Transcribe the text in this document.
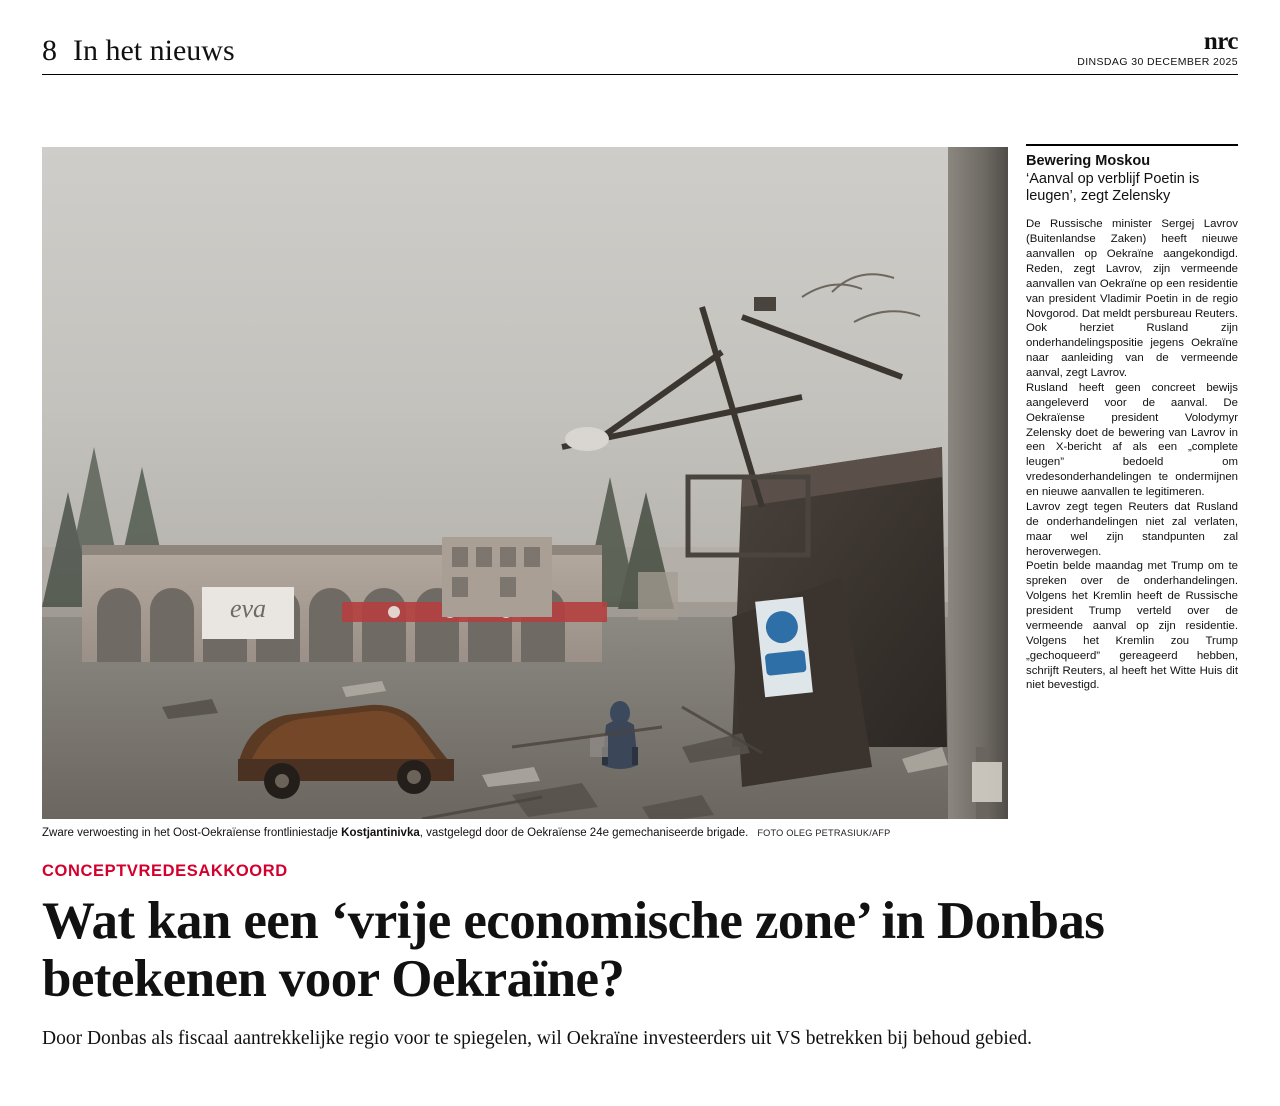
8 In het nieuws	nrc
DINSDAG 30 DECEMBER 2025
eva
Zware verwoesting in het Oost-Oekraïense frontliniestadje Kostjantinivka, vastgelegd door de Oekraïense 24e gemechaniseerde brigade. FOTO OLEG PETRASIUK/AFP
Bewering Moskou
‘Aanval op verblijf Poetin is leugen’, zegt Zelensky

De Russische minister Sergej Lavrov (Buitenlandse Zaken) heeft nieuwe aanvallen op Oekraïne aangekondigd. Reden, zegt Lavrov, zijn vermeende aanvallen van Oekraïne op een residentie van president Vladimir Poetin in de regio Novgorod. Dat meldt persbureau Reuters. Ook herziet Rusland zijn onderhandelingspositie jegens Oekraïne naar aanleiding van de vermeende aanval, zegt Lavrov.

Rusland heeft geen concreet bewijs aangeleverd voor de aanval. De Oekraïense president Volodymyr Zelensky doet de bewering van Lavrov in een X-bericht af als een „complete leugen” bedoeld om vredesonderhandelingen te ondermijnen en nieuwe aanvallen te legitimeren.

Lavrov zegt tegen Reuters dat Rusland de onderhandelingen niet zal verlaten, maar wel zijn standpunten zal heroverwegen.

Poetin belde maandag met Trump om te spreken over de onderhandelingen. Volgens het Kremlin heeft de Russische president Trump verteld over de vermeende aanval op zijn residentie. Volgens het Kremlin zou Trump „gechoqueerd” gereageerd hebben, schrijft Reuters, al heeft het Witte Huis dit niet bevestigd.

CONCEPTVREDESAKKOORD
Wat kan een ‘vrije economische zone’ in Donbas betekenen voor Oekraïne?

Door Donbas als fiscaal aantrekkelijke regio voor te spiegelen, wil Oekraïne investeerders uit VS betrekken bij behoud gebied.
